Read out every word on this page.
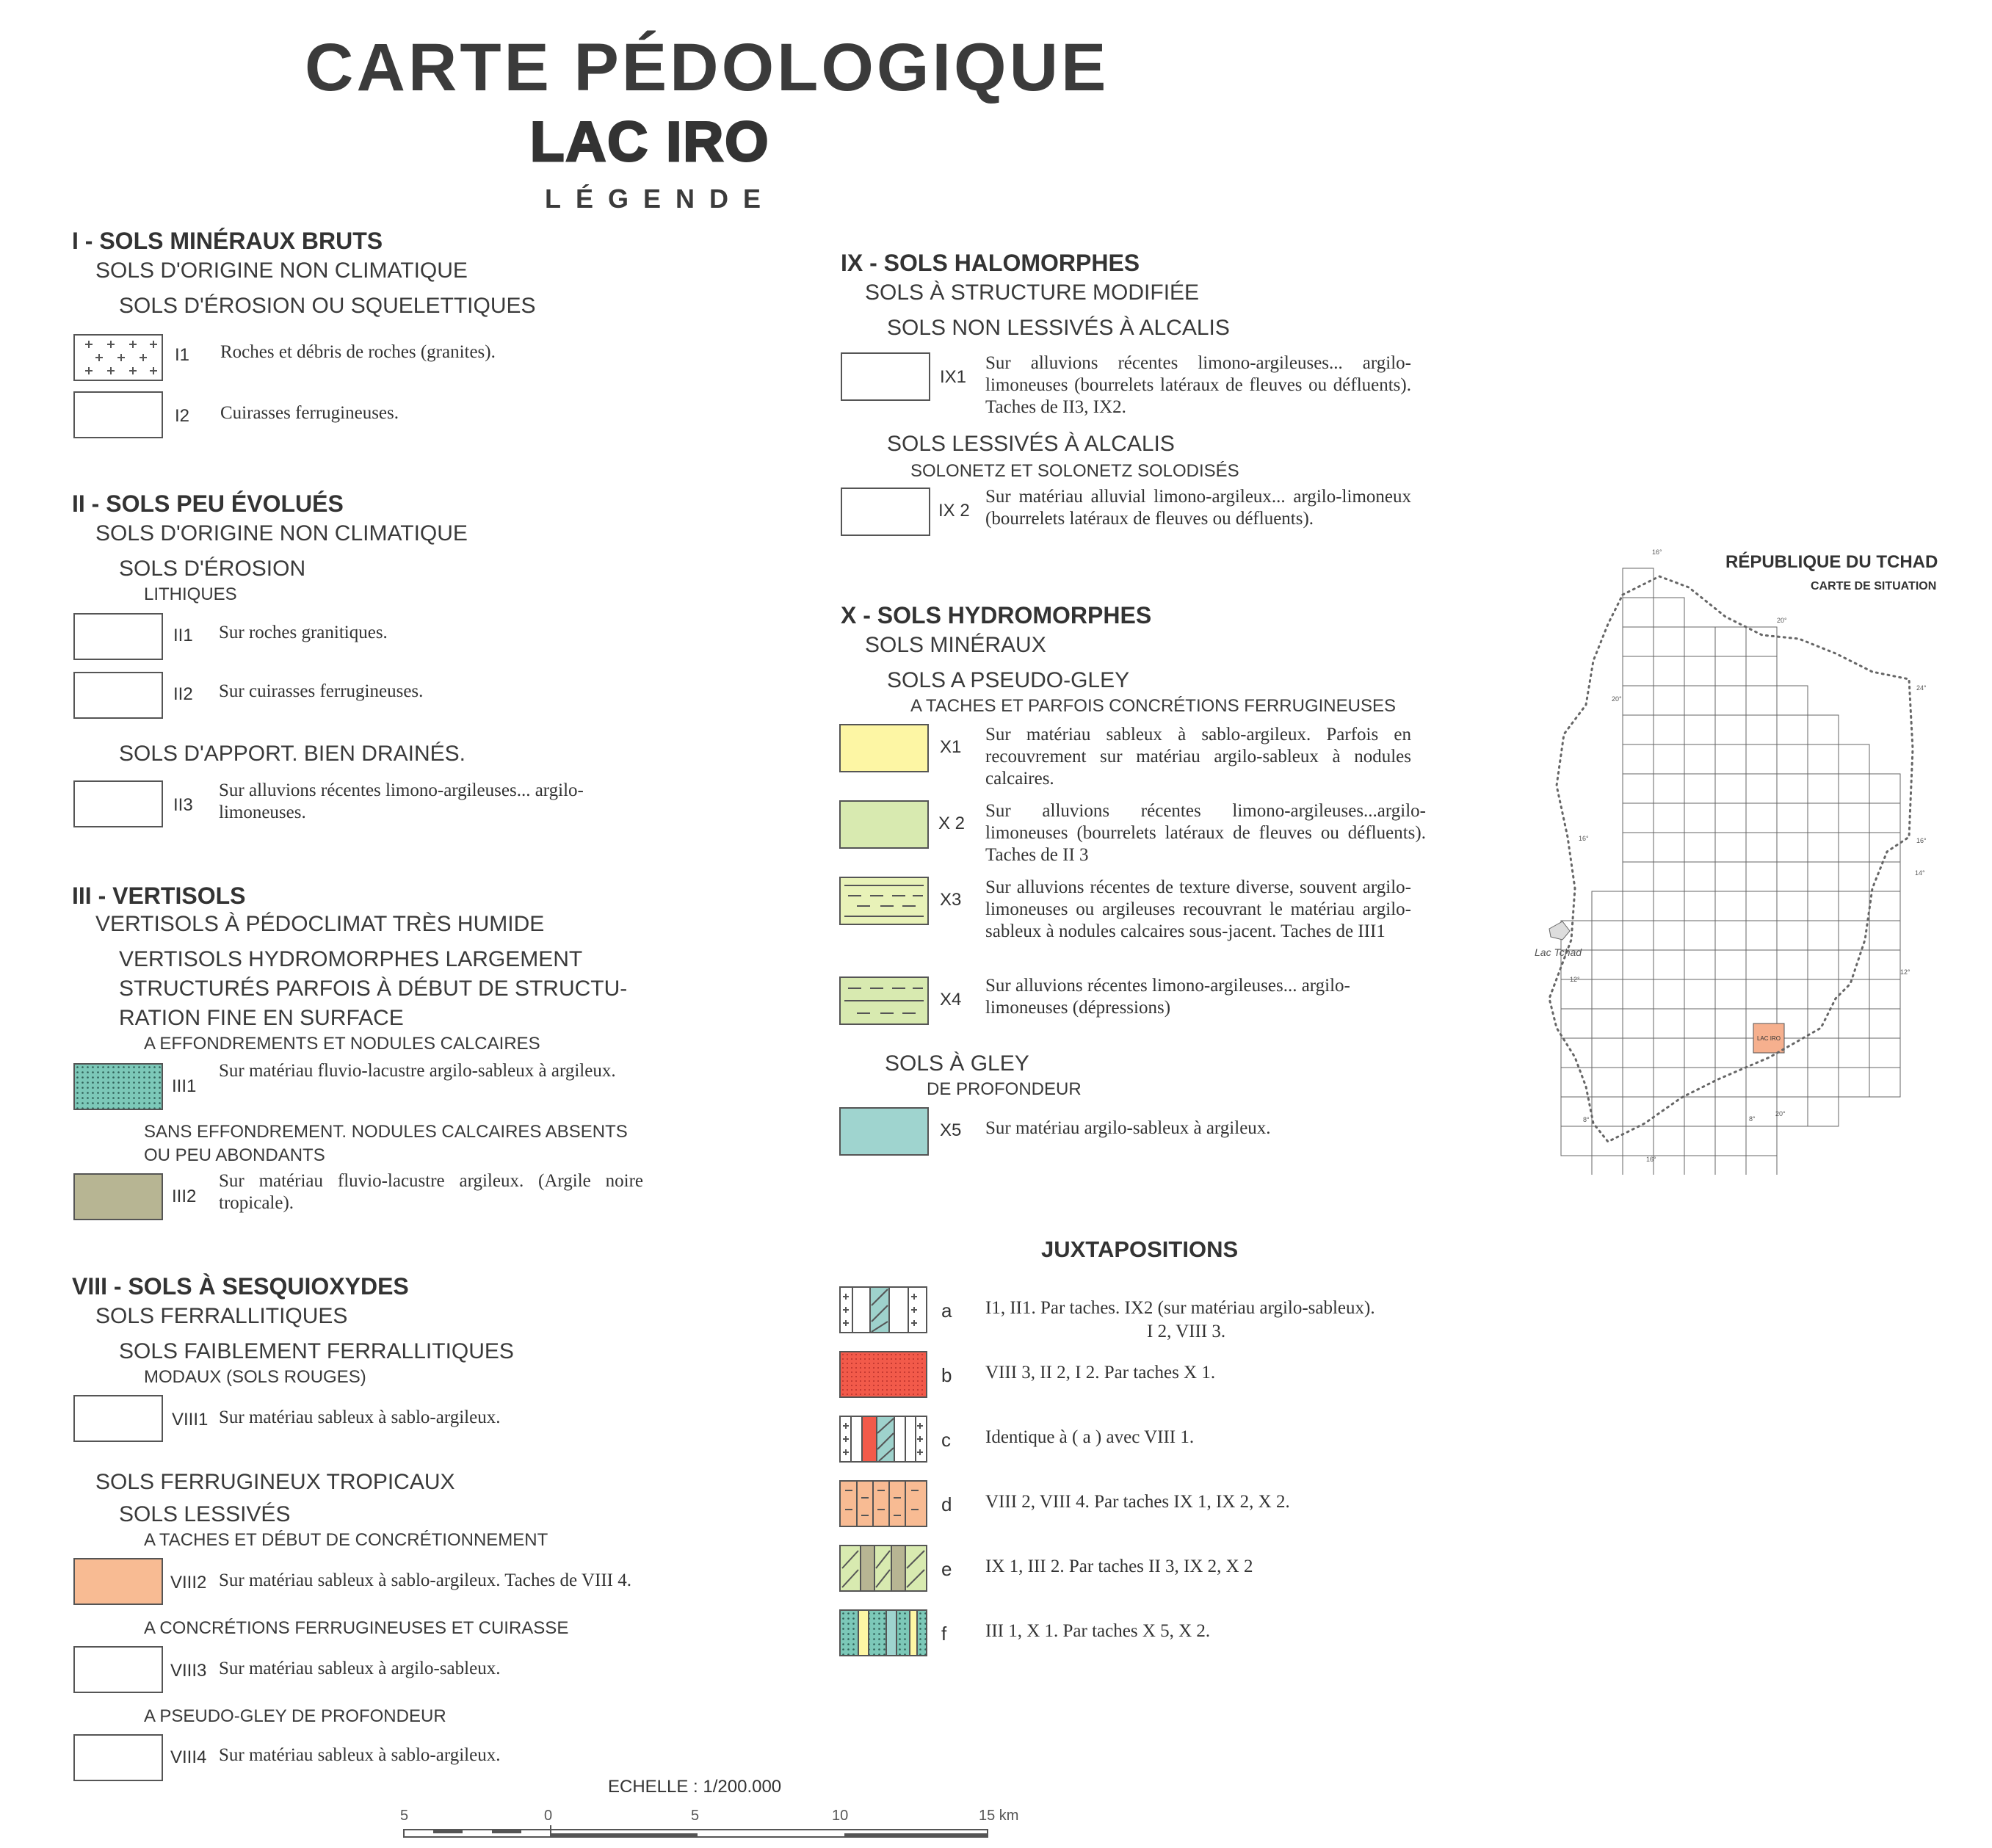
CARTE PÉDOLOGIQUE
LAC IRO
LÉGENDE
I - SOLS MINÉRAUX BRUTS
SOLS D'ORIGINE NON CLIMATIQUE
SOLS D'ÉROSION OU SQUELETTIQUES
I1 Roches et débris de roches (granites).
I2 Cuirasses ferrugineuses.
II - SOLS PEU ÉVOLUÉS
SOLS D'ORIGINE NON CLIMATIQUE
SOLS D'ÉROSION
LITHIQUES
II1 Sur roches granitiques.
II2 Sur cuirasses ferrugineuses.
SOLS D'APPORT. BIEN DRAINÉS.
II3
Sur alluvions récentes limono-argileuses... argilo-limoneuses.
III - VERTISOLS
VERTISOLS À PÉDOCLIMAT TRÈS HUMIDE
VERTISOLS HYDROMORPHES LARGEMENT
STRUCTURÉS PARFOIS À DÉBUT DE STRUCTU-
RATION FINE EN SURFACE
A EFFONDREMENTS ET NODULES CALCAIRES
III1
Sur matériau fluvio-lacustre argilo-sableux à argileux.
SANS EFFONDREMENT. NODULES CALCAIRES ABSENTS
OU PEU ABONDANTS
III2
Sur matériau fluvio-lacustre argileux. (Argile noire tropicale).
VIII - SOLS À SESQUIOXYDES
SOLS FERRALLITIQUES
SOLS FAIBLEMENT FERRALLITIQUES
MODAUX (SOLS ROUGES)
VIII1 Sur matériau sableux à sablo-argileux.
SOLS FERRUGINEUX TROPICAUX
SOLS LESSIVÉS
A TACHES ET DÉBUT DE CONCRÉTIONNEMENT
VIII2 Sur matériau sableux à sablo-argileux. Taches de VIII 4.
A CONCRÉTIONS FERRUGINEUSES ET CUIRASSE
VIII3 Sur matériau sableux à argilo-sableux.
A PSEUDO-GLEY DE PROFONDEUR
VIII4 Sur matériau sableux à sablo-argileux.
ECHELLE : 1/200.000
5	0	5	10	15 km
IX - SOLS HALOMORPHES
SOLS À STRUCTURE MODIFIÉE
SOLS NON LESSIVÉS À ALCALIS
IX1
Sur alluvions récentes limono-argileuses... argilo-limoneuses (bourrelets latéraux de fleuves ou défluents). Taches de II3, IX2.
SOLS LESSIVÉS À ALCALIS
SOLONETZ ET SOLONETZ SOLODISÉS
IX 2
Sur matériau alluvial limono-argileux... argilo-limoneux (bourrelets latéraux de fleuves ou défluents).
X - SOLS HYDROMORPHES
SOLS MINÉRAUX
SOLS A PSEUDO-GLEY
A TACHES ET PARFOIS CONCRÉTIONS FERRUGINEUSES
X1
Sur matériau sableux à sablo-argileux. Parfois en recouvrement sur matériau argilo-sableux à nodules calcaires.
X 2
Sur alluvions récentes limono-argileuses...argilo-limoneuses (bourrelets latéraux de fleuves ou défluents). Taches de II 3
X3
Sur alluvions récentes de texture diverse, souvent argilo-limoneuses ou argileuses recouvrant le matériau argilo-sableux à nodules calcaires sous-jacent. Taches de III1
X4
Sur alluvions récentes limono-argileuses... argilo-limoneuses (dépressions)
SOLS À GLEY
DE PROFONDEUR
X5 Sur matériau argilo-sableux à argileux.
JUXTAPOSITIONS
a I1, II1. Par taches. IX2 (sur matériau argilo-sableux).
I 2, VIII 3.
b VIII 3, II 2, I 2. Par taches X 1.
c Identique à ( a ) avec VIII 1.
d VIII 2, VIII 4. Par taches IX 1, IX 2, X 2.
e IX 1, III 2. Par taches II 3, IX 2, X 2
f III 1, X 1. Par taches X 5, X 2.
RÉPUBLIQUE DU TCHAD
CARTE DE SITUATION
LAC IRO
Lac Tchad
16°
20°
20°
24°
16°	16°
14°
12°
12°
8°	8°
20°
16°
